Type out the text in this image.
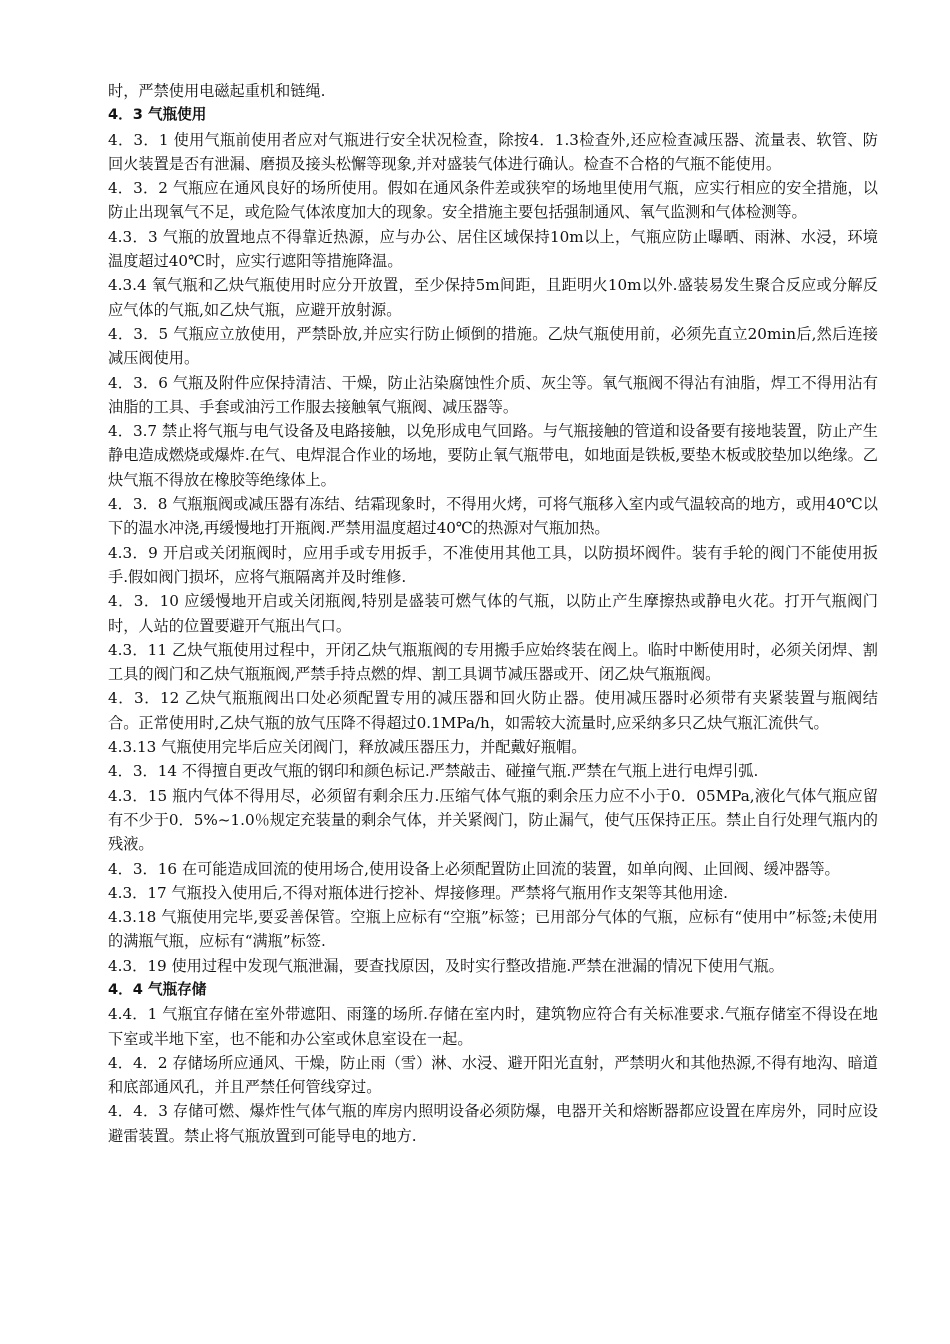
时，严禁使用电磁起重机和链绳.

4．3 气瓶使用

4．3．1 使用气瓶前使用者应对气瓶进行安全状况检查，除按4．1.3检查外,还应检查减压器、流量表、软管、防回火装置是否有泄漏、磨损及接头松懈等现象,并对盛装气体进行确认。检查不合格的气瓶不能使用。

4．3．2 气瓶应在通风良好的场所使用。假如在通风条件差或狭窄的场地里使用气瓶，应实行相应的安全措施，以防止出现氧气不足，或危险气体浓度加大的现象。安全措施主要包括强制通风、氧气监测和气体检测等。

4.3．3 气瓶的放置地点不得靠近热源，应与办公、居住区域保持10m以上，气瓶应防止曝晒、雨淋、水浸，环境温度超过40℃时，应实行遮阳等措施降温。

4.3.4 氧气瓶和乙炔气瓶使用时应分开放置，至少保持5m间距，且距明火10m以外.盛装易发生聚合反应或分解反应气体的气瓶,如乙炔气瓶，应避开放射源。

4．3．5 气瓶应立放使用，严禁卧放,并应实行防止倾倒的措施。乙炔气瓶使用前，必须先直立20min后,然后连接减压阀使用。

4．3．6 气瓶及附件应保持清洁、干燥，防止沾染腐蚀性介质、灰尘等。氧气瓶阀不得沾有油脂，焊工不得用沾有油脂的工具、手套或油污工作服去接触氧气瓶阀、减压器等。

4．3.7 禁止将气瓶与电气设备及电路接触，以免形成电气回路。与气瓶接触的管道和设备要有接地装置，防止产生静电造成燃烧或爆炸.在气、电焊混合作业的场地，要防止氧气瓶带电，如地面是铁板,要垫木板或胶垫加以绝缘。乙炔气瓶不得放在橡胶等绝缘体上。

4．3．8 气瓶瓶阀或减压器有冻结、结霜现象时，不得用火烤，可将气瓶移入室内或气温较高的地方，或用40℃以下的温水冲浇,再缓慢地打开瓶阀.严禁用温度超过40℃的热源对气瓶加热。

4.3．9 开启或关闭瓶阀时，应用手或专用扳手，不准使用其他工具，以防损坏阀件。装有手轮的阀门不能使用扳手.假如阀门损坏，应将气瓶隔离并及时维修.

4．3．10 应缓慢地开启或关闭瓶阀,特别是盛装可燃气体的气瓶，以防止产生摩擦热或静电火花。打开气瓶阀门时，人站的位置要避开气瓶出气口。

4.3．11 乙炔气瓶使用过程中，开闭乙炔气瓶瓶阀的专用搬手应始终装在阀上。临时中断使用时，必须关闭焊、割工具的阀门和乙炔气瓶瓶阀,严禁手持点燃的焊、割工具调节减压器或开、闭乙炔气瓶瓶阀。

4．3．12 乙炔气瓶瓶阀出口处必须配置专用的减压器和回火防止器。使用减压器时必须带有夹紧装置与瓶阀结合。正常使用时,乙炔气瓶的放气压降不得超过0.1MPa/h，如需较大流量时,应采纳多只乙炔气瓶汇流供气。

4.3.13 气瓶使用完毕后应关闭阀门，释放减压器压力，并配戴好瓶帽。

4．3．14 不得擅自更改气瓶的钢印和颜色标记.严禁敲击、碰撞气瓶.严禁在气瓶上进行电焊引弧.

4.3．15 瓶内气体不得用尽，必须留有剩余压力.压缩气体气瓶的剩余压力应不小于0．05MPa,液化气体气瓶应留有不少于0．5%~1.0％规定充装量的剩余气体，并关紧阀门，防止漏气，使气压保持正压。禁止自行处理气瓶内的残液。

4．3．16 在可能造成回流的使用场合,使用设备上必须配置防止回流的装置，如单向阀、止回阀、缓冲器等。

4.3．17 气瓶投入使用后,不得对瓶体进行挖补、焊接修理。严禁将气瓶用作支架等其他用途.

4.3.18 气瓶使用完毕,要妥善保管。空瓶上应标有“空瓶”标签；已用部分气体的气瓶，应标有“使用中”标签;未使用的满瓶气瓶，应标有“满瓶”标签.

4.3．19 使用过程中发现气瓶泄漏，要查找原因，及时实行整改措施.严禁在泄漏的情况下使用气瓶。

4．4 气瓶存储

4.4．1 气瓶宜存储在室外带遮阳、雨篷的场所.存储在室内时，建筑物应符合有关标准要求.气瓶存储室不得设在地下室或半地下室，也不能和办公室或休息室设在一起。

4．4．2 存储场所应通风、干燥，防止雨（雪）淋、水浸、避开阳光直射，严禁明火和其他热源,不得有地沟、暗道和底部通风孔，并且严禁任何管线穿过。

4．4．3 存储可燃、爆炸性气体气瓶的库房内照明设备必须防爆，电器开关和熔断器都应设置在库房外，同时应设避雷装置。禁止将气瓶放置到可能导电的地方.
